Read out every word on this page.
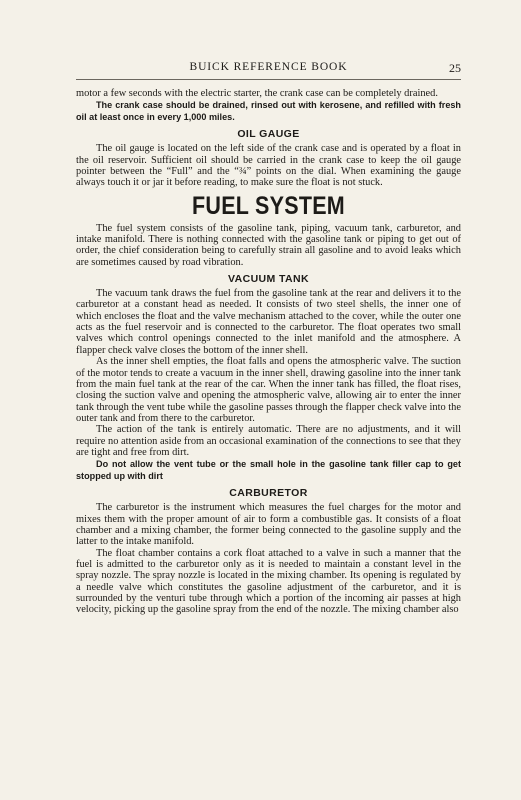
BUICK REFERENCE BOOK	25

motor a few seconds with the electric starter, the crank case can be completely drained.

The crank case should be drained, rinsed out with kerosene, and refilled with fresh oil at least once in every 1,000 miles.

OIL GAUGE

The oil gauge is located on the left side of the crank case and is operated by a float in the oil reservoir. Sufficient oil should be carried in the crank case to keep the oil gauge pointer between the “Full” and the “¾” points on the dial. When examining the gauge always touch it or jar it before reading, to make sure the float is not stuck.

FUEL SYSTEM

The fuel system consists of the gasoline tank, piping, vacuum tank, carburetor, and intake manifold. There is nothing connected with the gasoline tank or piping to get out of order, the chief consideration being to carefully strain all gasoline and to avoid leaks which are sometimes caused by road vibration.

VACUUM TANK

The vacuum tank draws the fuel from the gasoline tank at the rear and delivers it to the carburetor at a constant head as needed. It consists of two steel shells, the inner one of which encloses the float and the valve mechanism attached to the cover, while the outer one acts as the fuel reservoir and is connected to the carburetor. The float operates two small valves which control openings connected to the inlet manifold and the atmosphere. A flapper check valve closes the bottom of the inner shell.

As the inner shell empties, the float falls and opens the atmospheric valve. The suction of the motor tends to create a vacuum in the inner shell, drawing gasoline into the inner tank from the main fuel tank at the rear of the car. When the inner tank has filled, the float rises, closing the suction valve and opening the atmospheric valve, allowing air to enter the inner tank through the vent tube while the gasoline passes through the flapper check valve into the outer tank and from there to the carburetor.

The action of the tank is entirely automatic. There are no adjustments, and it will require no attention aside from an occasional examination of the connections to see that they are tight and free from dirt.

Do not allow the vent tube or the small hole in the gasoline tank filler cap to get stopped up with dirt

CARBURETOR

The carburetor is the instrument which measures the fuel charges for the motor and mixes them with the proper amount of air to form a combustible gas. It consists of a float chamber and a mixing chamber, the former being connected to the gasoline supply and the latter to the intake manifold.

The float chamber contains a cork float attached to a valve in such a manner that the fuel is admitted to the carburetor only as it is needed to maintain a constant level in the spray nozzle. The spray nozzle is located in the mixing chamber. Its opening is regulated by a needle valve which constitutes the gasoline adjustment of the carburetor, and it is surrounded by the venturi tube through which a portion of the incoming air passes at high velocity, picking up the gasoline spray from the end of the nozzle. The mixing chamber also
